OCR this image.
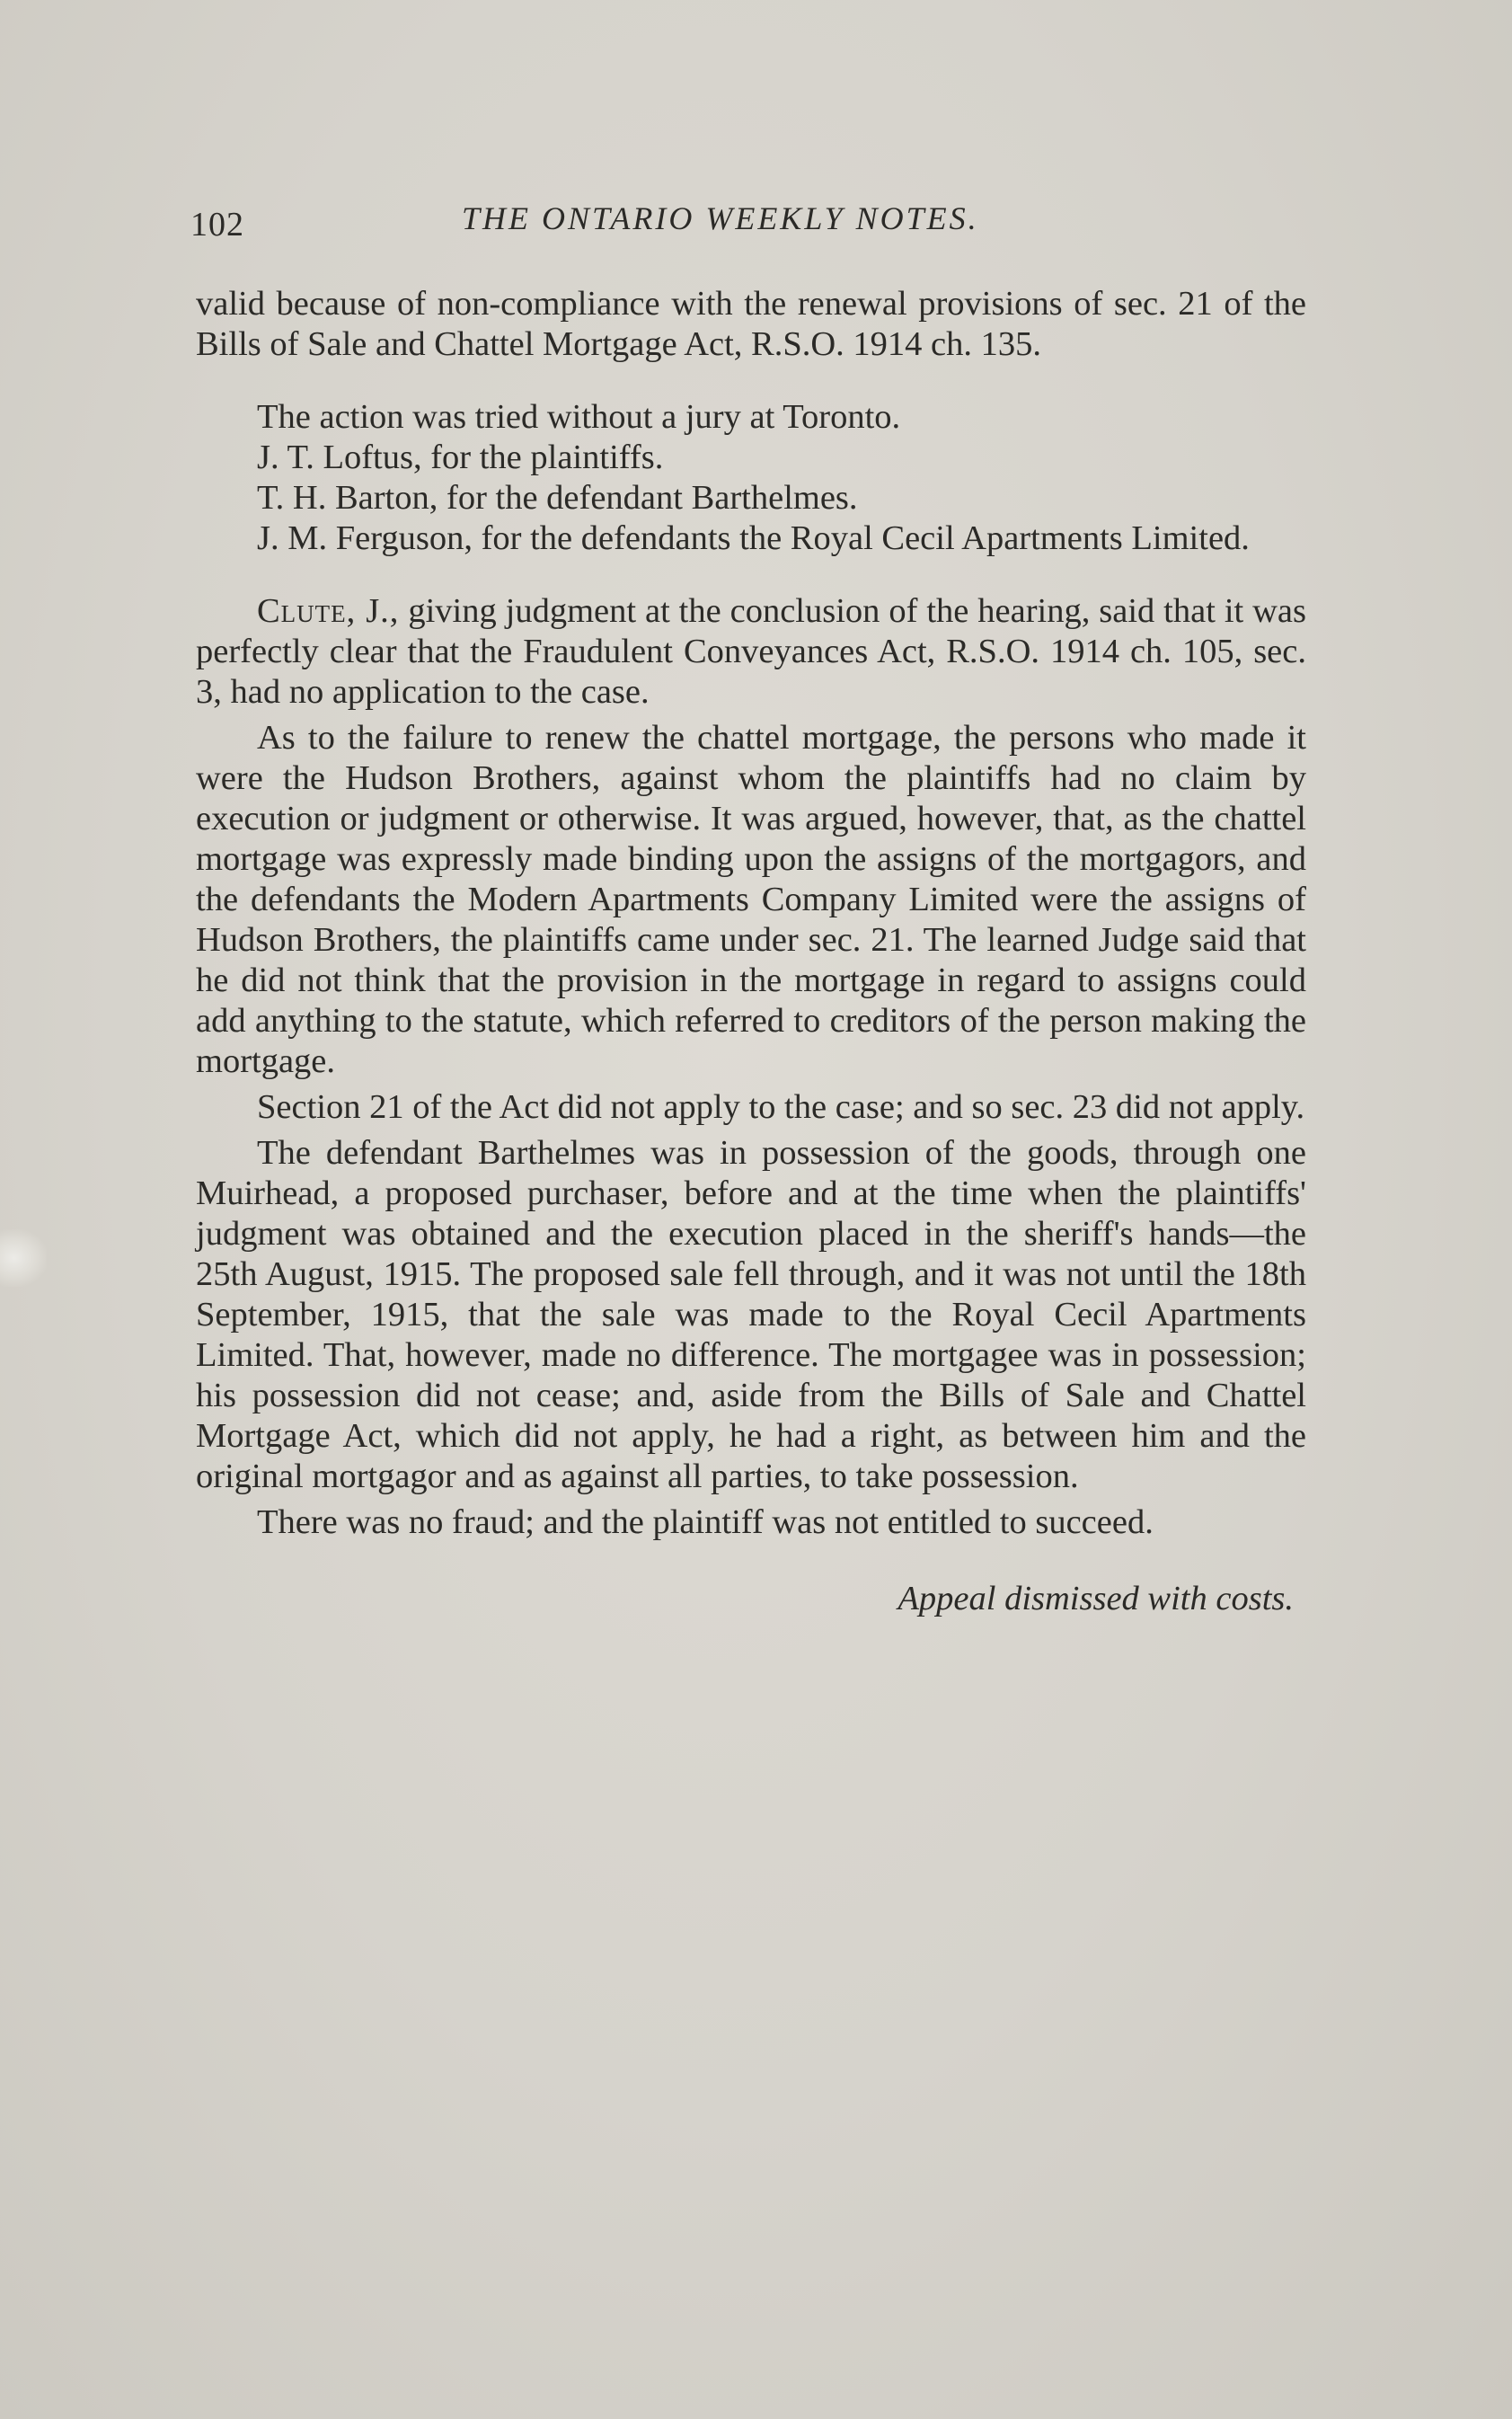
102	THE ONTARIO WEEKLY NOTES.

valid because of non-compliance with the renewal provisions of sec. 21 of the Bills of Sale and Chattel Mortgage Act, R.S.O. 1914 ch. 135.

The action was tried without a jury at Toronto.

J. T. Loftus, for the plaintiffs.

T. H. Barton, for the defendant Barthelmes.

J. M. Ferguson, for the defendants the Royal Cecil Apartments Limited.

Clute, J., giving judgment at the conclusion of the hearing, said that it was perfectly clear that the Fraudulent Conveyances Act, R.S.O. 1914 ch. 105, sec. 3, had no application to the case.

As to the failure to renew the chattel mortgage, the persons who made it were the Hudson Brothers, against whom the plaintiffs had no claim by execution or judgment or otherwise. It was argued, however, that, as the chattel mortgage was expressly made binding upon the assigns of the mortgagors, and the defendants the Modern Apartments Company Limited were the assigns of Hudson Brothers, the plaintiffs came under sec. 21. The learned Judge said that he did not think that the provision in the mortgage in regard to assigns could add anything to the statute, which referred to creditors of the person making the mortgage.

Section 21 of the Act did not apply to the case; and so sec. 23 did not apply.

The defendant Barthelmes was in possession of the goods, through one Muirhead, a proposed purchaser, before and at the time when the plaintiffs' judgment was obtained and the execution placed in the sheriff's hands—the 25th August, 1915. The proposed sale fell through, and it was not until the 18th September, 1915, that the sale was made to the Royal Cecil Apartments Limited. That, however, made no difference. The mortgagee was in possession; his possession did not cease; and, aside from the Bills of Sale and Chattel Mortgage Act, which did not apply, he had a right, as between him and the original mortgagor and as against all parties, to take possession.

There was no fraud; and the plaintiff was not entitled to succeed.

Appeal dismissed with costs.
